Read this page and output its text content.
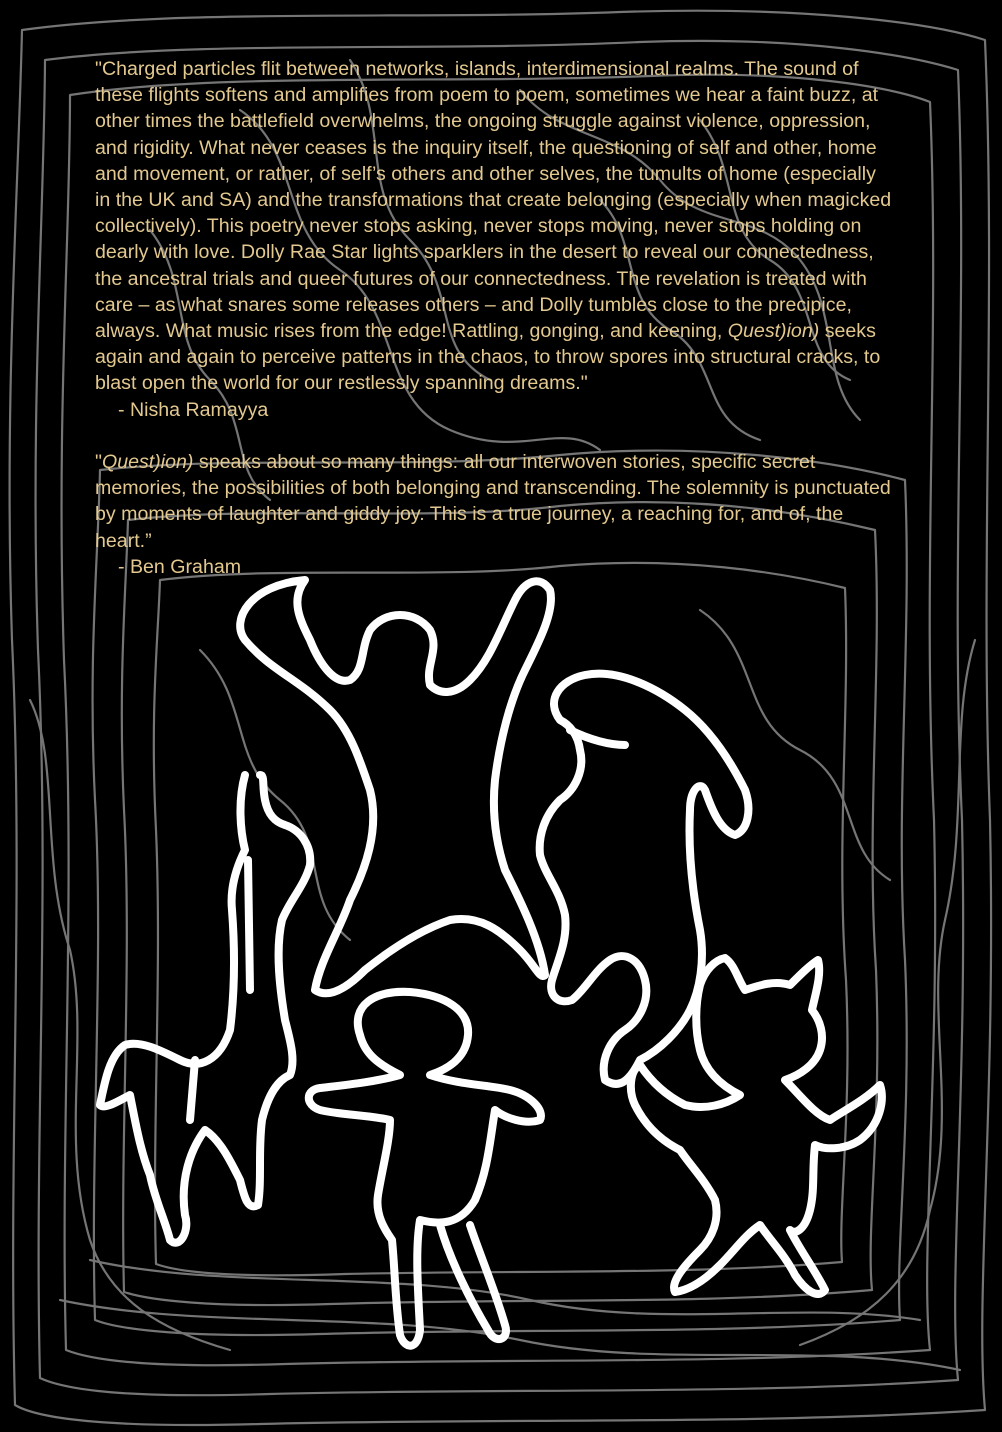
"Charged particles flit between networks, islands, interdimensional realms. The sound of these flights softens and amplifies from poem to poem, sometimes we hear a faint buzz, at other times the battlefield overwhelms, the ongoing struggle against violence, oppression, and rigidity. What never ceases is the inquiry itself, the questioning of self and other, home and movement, or rather, of self’s others and other selves, the tumults of home (especially in the UK and SA) and the transformations that create belonging (especially when magicked collectively). This poetry never stops asking, never stops moving, never stops holding on dearly with love. Dolly Rae Star lights sparklers in the desert to reveal our connectedness, the ancestral trials and queer futures of our connectedness. The revelation is treated with care – as what snares some releases others – and Dolly tumbles close to the precipice, always. What music rises from the edge! Rattling, gonging, and keening, Quest)ion) seeks again and again to perceive patterns in the chaos, to throw spores into structural cracks, to blast open the world for our restlessly spanning dreams."

- Nisha Ramayya

"Quest)ion) speaks about so many things: all our interwoven stories, specific secret memories, the possibilities of both belonging and transcending. The solemnity is punctuated by moments of laughter and giddy joy. This is a true journey, a reaching for, and of, the heart.”

- Ben Graham
